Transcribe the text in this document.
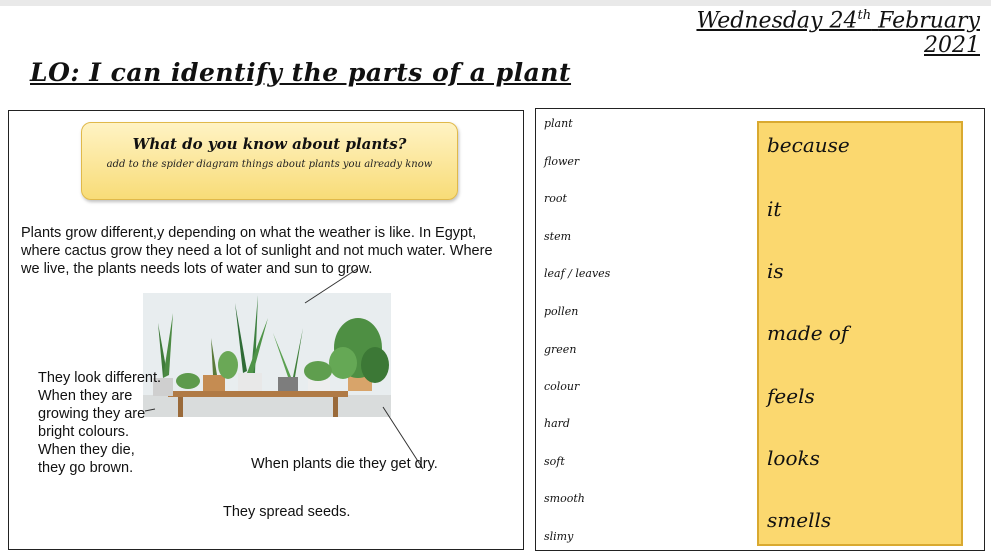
Wednesday 24th February 2021
LO: I can identify the parts of a plant
What do you know about plants?
add to the spider diagram things about plants you already know
Plants grow different,y depending on what the weather is like. In Egypt, where cactus grow they need a lot of sunlight and not much water. Where we live, the plants needs lots of water and sun to grow.
They look different. When they are growing they are bright colours. When they die, they go brown.	When plants die they get dry.
They spread seeds.
plant
flower
root
stem
leaf / leaves
pollen
green
colour
hard
soft
smooth
slimy
because
it
is
made of
feels
looks
smells
